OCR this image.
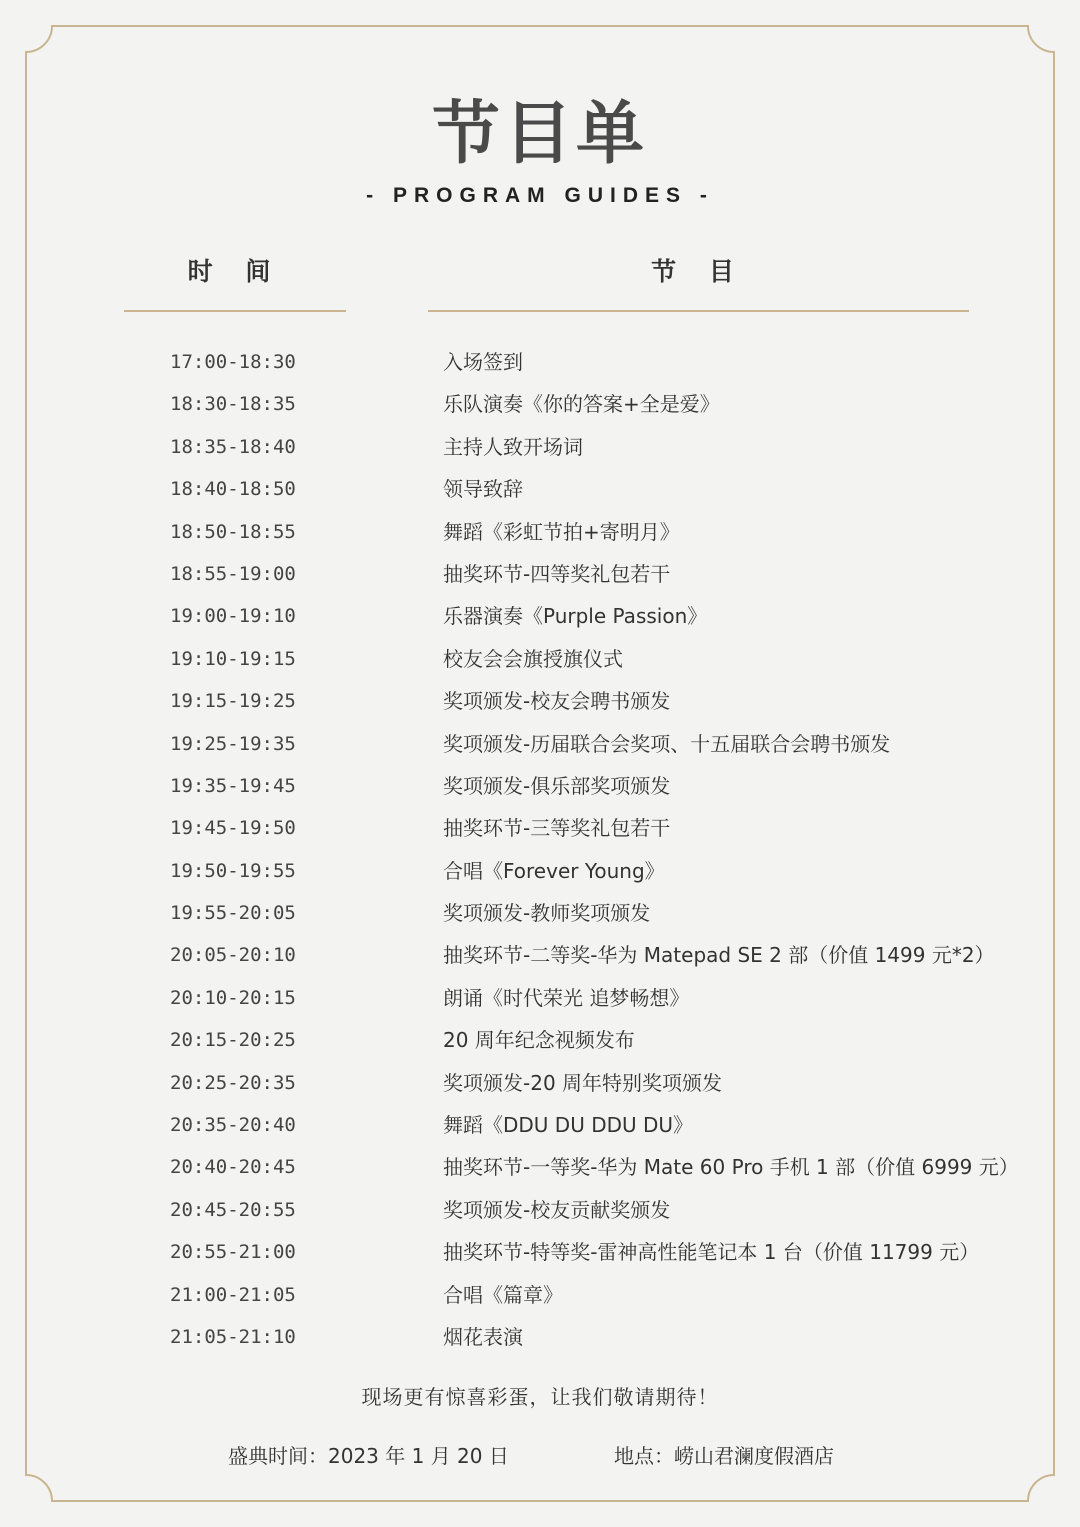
节目单
- PROGRAM GUIDES -
时 间	节 目
17:00-18:30	入场签到
18:30-18:35	乐队演奏《你的答案+全是爱》
18:35-18:40	主持人致开场词
18:40-18:50	领导致辞
18:50-18:55	舞蹈《彩虹节拍+寄明月》
18:55-19:00	抽奖环节-四等奖礼包若干
19:00-19:10	乐器演奏《Purple Passion》
19:10-19:15	校友会会旗授旗仪式
19:15-19:25	奖项颁发-校友会聘书颁发
19:25-19:35	奖项颁发-历届联合会奖项、十五届联合会聘书颁发
19:35-19:45	奖项颁发-俱乐部奖项颁发
19:45-19:50	抽奖环节-三等奖礼包若干
19:50-19:55	合唱《Forever Young》
19:55-20:05	奖项颁发-教师奖项颁发
20:05-20:10	抽奖环节-二等奖-华为 Matepad SE 2 部（价值 1499 元*2）
20:10-20:15	朗诵《时代荣光 追梦畅想》
20:15-20:25	20 周年纪念视频发布
20:25-20:35	奖项颁发-20 周年特别奖项颁发
20:35-20:40	舞蹈《DDU DU DDU DU》
20:40-20:45	抽奖环节-一等奖-华为 Mate 60 Pro 手机 1 部（价值 6999 元）
20:45-20:55	奖项颁发-校友贡献奖颁发
20:55-21:00	抽奖环节-特等奖-雷神高性能笔记本 1 台（价值 11799 元）
21:00-21:05	合唱《篇章》
21:05-21:10	烟花表演
现场更有惊喜彩蛋，让我们敬请期待！
盛典时间：2023 年 1 月 20 日	地点：崂山君澜度假酒店
